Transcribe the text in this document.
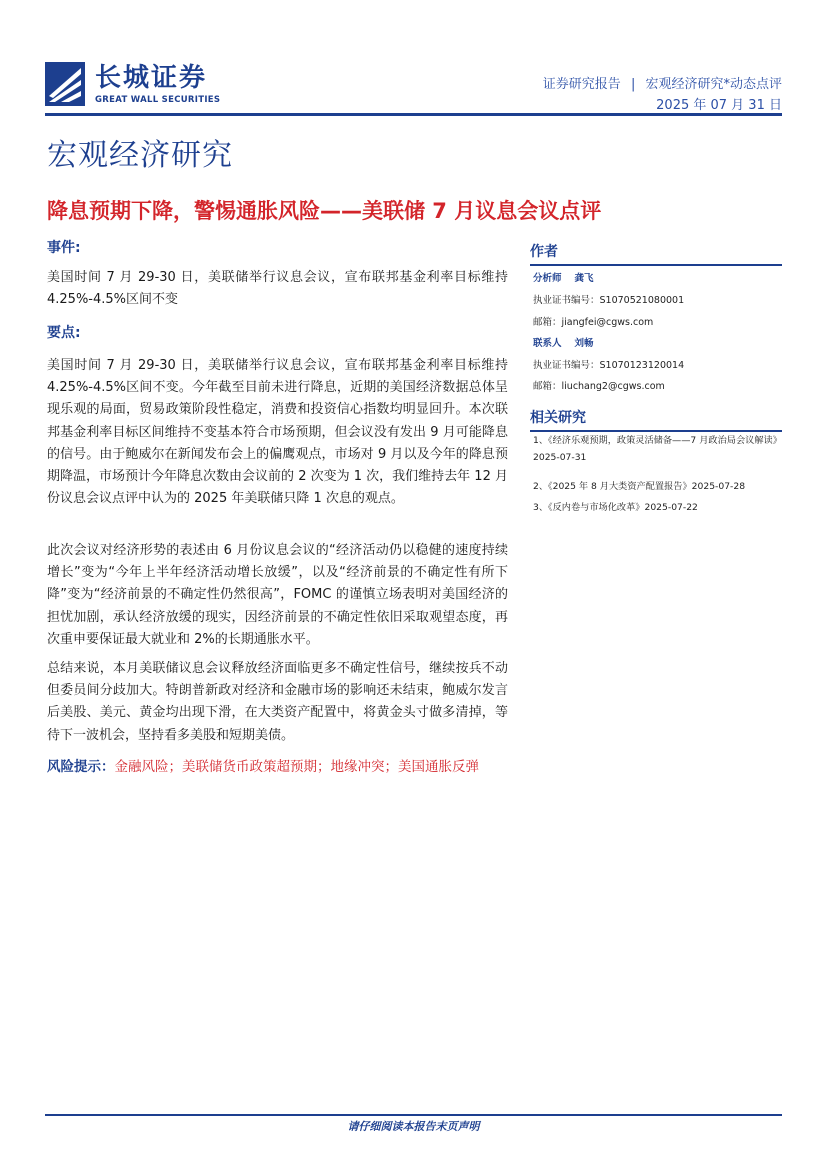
长城证券
GREAT WALL SECURITIES
证券研究报告 | 宏观经济研究*动态点评
2025 年 07 月 31 日
宏观经济研究
降息预期下降，警惕通胀风险——美联储 7 月议息会议点评
事件:
美国时间 7 月 29-30 日，美联储举行议息会议，宣布联邦基金利率目标维持 4.25%-4.5%区间不变
要点:
美国时间 7 月 29-30 日，美联储举行议息会议，宣布联邦基金利率目标维持 4.25%-4.5%区间不变。今年截至目前未进行降息，近期的美国经济数据总体呈现乐观的局面，贸易政策阶段性稳定，消费和投资信心指数均明显回升。本次联邦基金利率目标区间维持不变基本符合市场预期，但会议没有发出 9 月可能降息的信号。由于鲍威尔在新闻发布会上的偏鹰观点，市场对 9 月以及今年的降息预期降温，市场预计今年降息次数由会议前的 2 次变为 1 次，我们维持去年 12 月份议息会议点评中认为的 2025 年美联储只降 1 次息的观点。
此次会议对经济形势的表述由 6 月份议息会议的“经济活动仍以稳健的速度持续增长”变为“今年上半年经济活动增长放缓”，以及“经济前景的不确定性有所下降”变为“经济前景的不确定性仍然很高”，FOMC 的谨慎立场表明对美国经济的担忧加剧，承认经济放缓的现实，因经济前景的不确定性依旧采取观望态度，再次重申要保证最大就业和 2%的长期通胀水平。
总结来说，本月美联储议息会议释放经济面临更多不确定性信号，继续按兵不动但委员间分歧加大。特朗普新政对经济和金融市场的影响还未结束，鲍威尔发言后美股、美元、黄金均出现下滑，在大类资产配置中，将黄金头寸做多清掉，等待下一波机会，坚持看多美股和短期美债。
风险提示：金融风险；美联储货币政策超预期；地缘冲突；美国通胀反弹
作者
分析师 龚飞
执业证书编号：S1070521080001
邮箱：jiangfei@cgws.com
联系人 刘畅
执业证书编号：S1070123120014
邮箱：liuchang2@cgws.com
相关研究
1、《经济乐观预期，政策灵活储备——7 月政治局会议解读》2025-07-31
2、《2025 年 8 月大类资产配置报告》2025-07-28
3、《反内卷与市场化改革》2025-07-22
请仔细阅读本报告末页声明
